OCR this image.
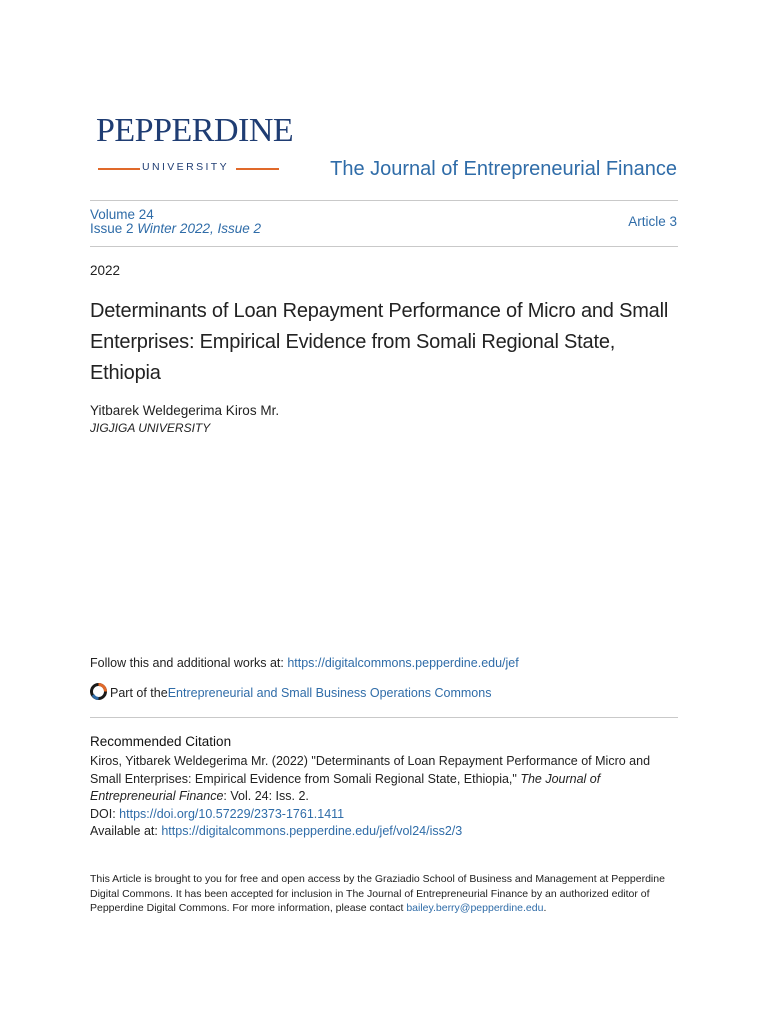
PEPPERDINE
UNIVERSITY	The Journal of Entrepreneurial Finance
Volume 24
Issue 2 Winter 2022, Issue 2	Article 3
2022
Determinants of Loan Repayment Performance of Micro and Small Enterprises: Empirical Evidence from Somali Regional State, Ethiopia
Yitbarek Weldegerima Kiros Mr.
JIGJIGA UNIVERSITY
Follow this and additional works at: https://digitalcommons.pepperdine.edu/jef
Part of the Entrepreneurial and Small Business Operations Commons
Recommended Citation
Kiros, Yitbarek Weldegerima Mr. (2022) "Determinants of Loan Repayment Performance of Micro and Small Enterprises: Empirical Evidence from Somali Regional State, Ethiopia," The Journal of Entrepreneurial Finance: Vol. 24: Iss. 2.
DOI: https://doi.org/10.57229/2373-1761.1411
Available at: https://digitalcommons.pepperdine.edu/jef/vol24/iss2/3
This Article is brought to you for free and open access by the Graziadio School of Business and Management at Pepperdine Digital Commons. It has been accepted for inclusion in The Journal of Entrepreneurial Finance by an authorized editor of Pepperdine Digital Commons. For more information, please contact bailey.berry@pepperdine.edu.
